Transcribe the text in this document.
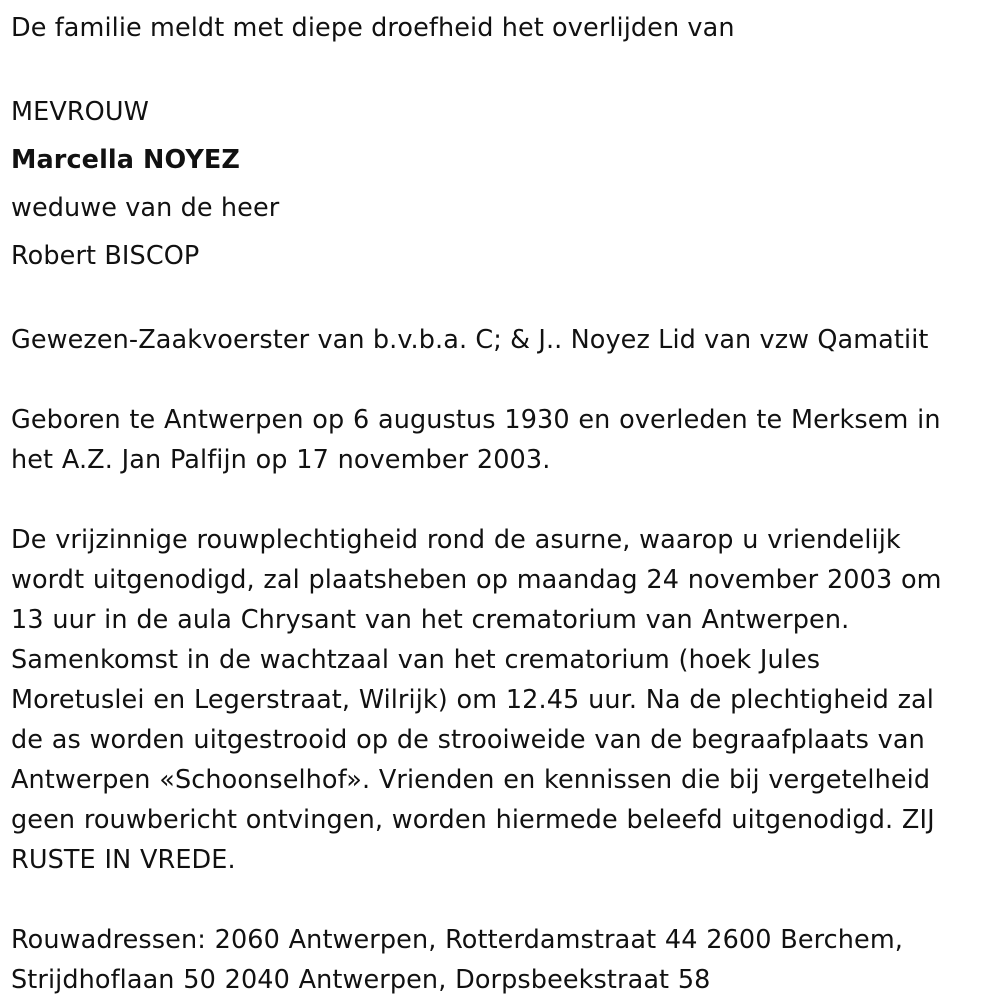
De familie meldt met diepe droefheid het overlijden van
MEVROUW
Marcella NOYEZ
weduwe van de heer
Robert BISCOP
Gewezen-Zaakvoerster van b.v.b.a. C; & J.. Noyez Lid van vzw Qamatiit
Geboren te Antwerpen op 6 augustus 1930 en overleden te Merksem in
het A.Z. Jan Palfijn op 17 november 2003.
De vrijzinnige rouwplechtigheid rond de asurne, waarop u vriendelijk
wordt uitgenodigd, zal plaatsheben op maandag 24 november 2003 om
13 uur in de aula Chrysant van het crematorium van Antwerpen.
Samenkomst in de wachtzaal van het crematorium (hoek Jules
Moretuslei en Legerstraat, Wilrijk) om 12.45 uur. Na de plechtigheid zal
de as worden uitgestrooid op de strooiweide van de begraafplaats van
Antwerpen «Schoonselhof». Vrienden en kennissen die bij vergetelheid
geen rouwbericht ontvingen, worden hiermede beleefd uitgenodigd. ZIJ
RUSTE IN VREDE.
Rouwadressen: 2060 Antwerpen, Rotterdamstraat 44 2600 Berchem,
Strijdhoflaan 50 2040 Antwerpen, Dorpsbeekstraat 58
